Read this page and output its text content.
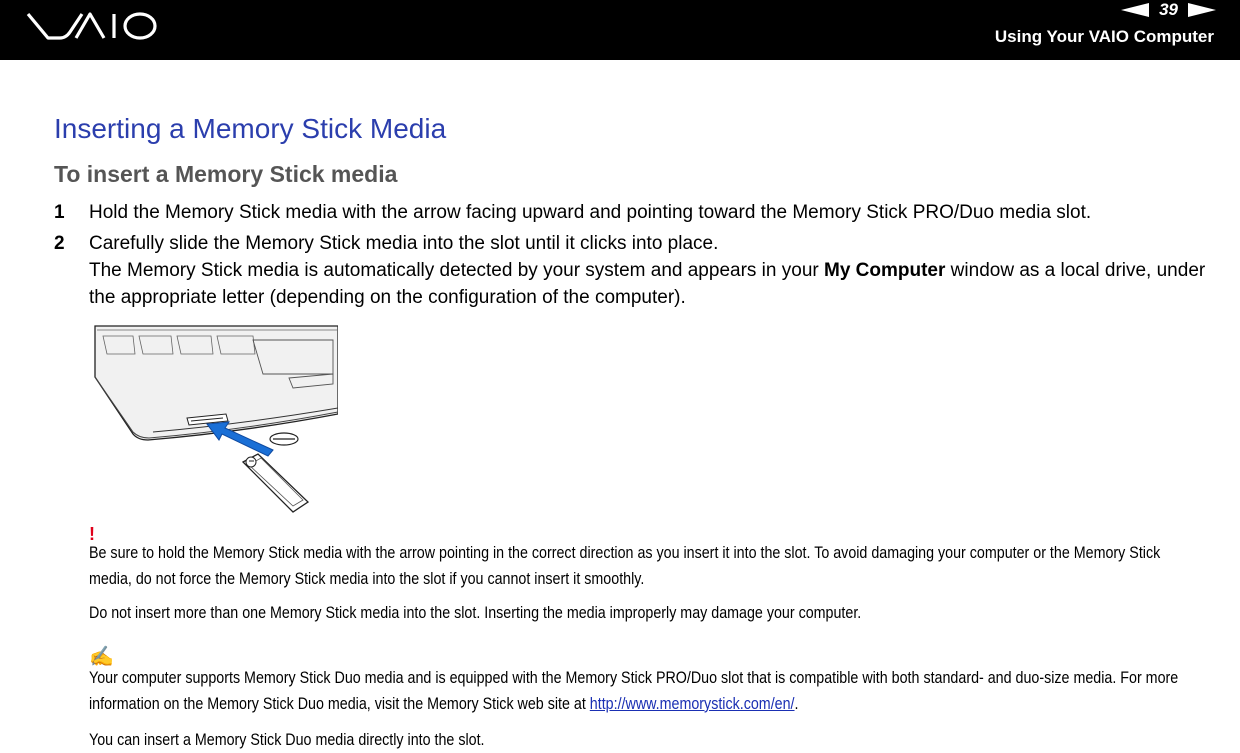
39
Using Your VAIO Computer
Inserting a Memory Stick Media
To insert a Memory Stick media
1 Hold the Memory Stick media with the arrow facing upward and pointing toward the Memory Stick PRO/Duo media slot.
2 Carefully slide the Memory Stick media into the slot until it clicks into place.
The Memory Stick media is automatically detected by your system and appears in your My Computer window as a local drive, under the appropriate letter (depending on the configuration of the computer).
!

Be sure to hold the Memory Stick media with the arrow pointing in the correct direction as you insert it into the slot. To avoid damaging your computer or the Memory Stick media, do not force the Memory Stick media into the slot if you cannot insert it smoothly.

Do not insert more than one Memory Stick media into the slot. Inserting the media improperly may damage your computer.

✍

Your computer supports Memory Stick Duo media and is equipped with the Memory Stick PRO/Duo slot that is compatible with both standard- and duo-size media. For more information on the Memory Stick Duo media, visit the Memory Stick web site at http://www.memorystick.com/en/.

You can insert a Memory Stick Duo media directly into the slot.
